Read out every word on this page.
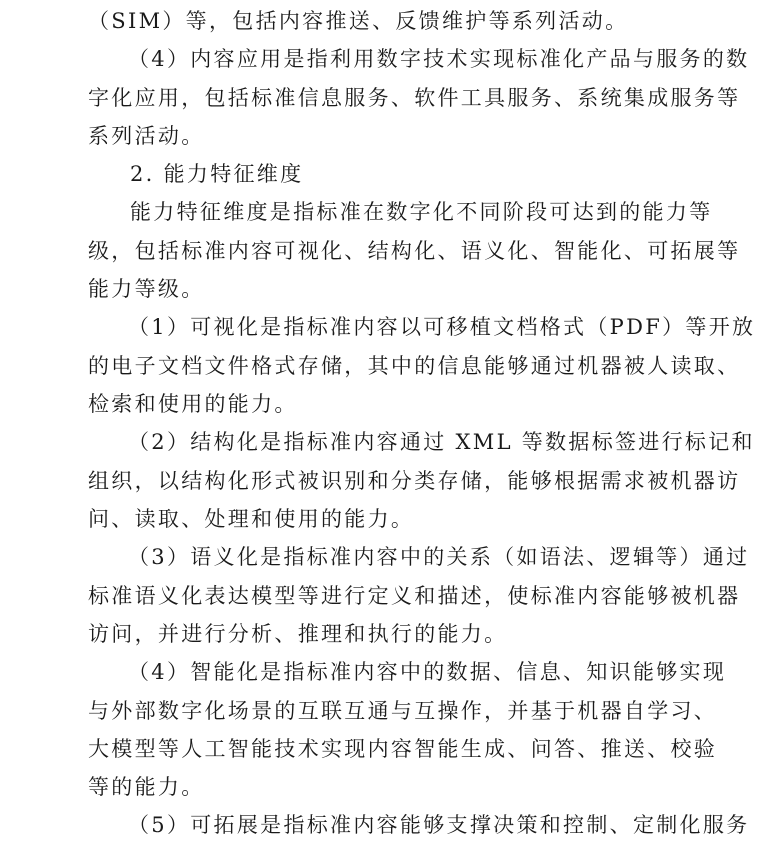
（SIM）等，包括内容推送、反馈维护等系列活动。
（4）内容应用是指利用数字技术实现标准化产品与服务的数
字化应用，包括标准信息服务、软件工具服务、系统集成服务等
系列活动。
2. 能力特征维度
能力特征维度是指标准在数字化不同阶段可达到的能力等
级，包括标准内容可视化、结构化、语义化、智能化、可拓展等
能力等级。
（1）可视化是指标准内容以可移植文档格式（PDF）等开放
的电子文档文件格式存储，其中的信息能够通过机器被人读取、
检索和使用的能力。
（2）结构化是指标准内容通过 XML 等数据标签进行标记和
组织，以结构化形式被识别和分类存储，能够根据需求被机器访
问、读取、处理和使用的能力。
（3）语义化是指标准内容中的关系（如语法、逻辑等）通过
标准语义化表达模型等进行定义和描述，使标准内容能够被机器
访问，并进行分析、推理和执行的能力。
（4）智能化是指标准内容中的数据、信息、知识能够实现
与外部数字化场景的互联互通与互操作，并基于机器自学习、
大模型等人工智能技术实现内容智能生成、问答、推送、校验
等的能力。
（5）可拓展是指标准内容能够支撑决策和控制、定制化服务
